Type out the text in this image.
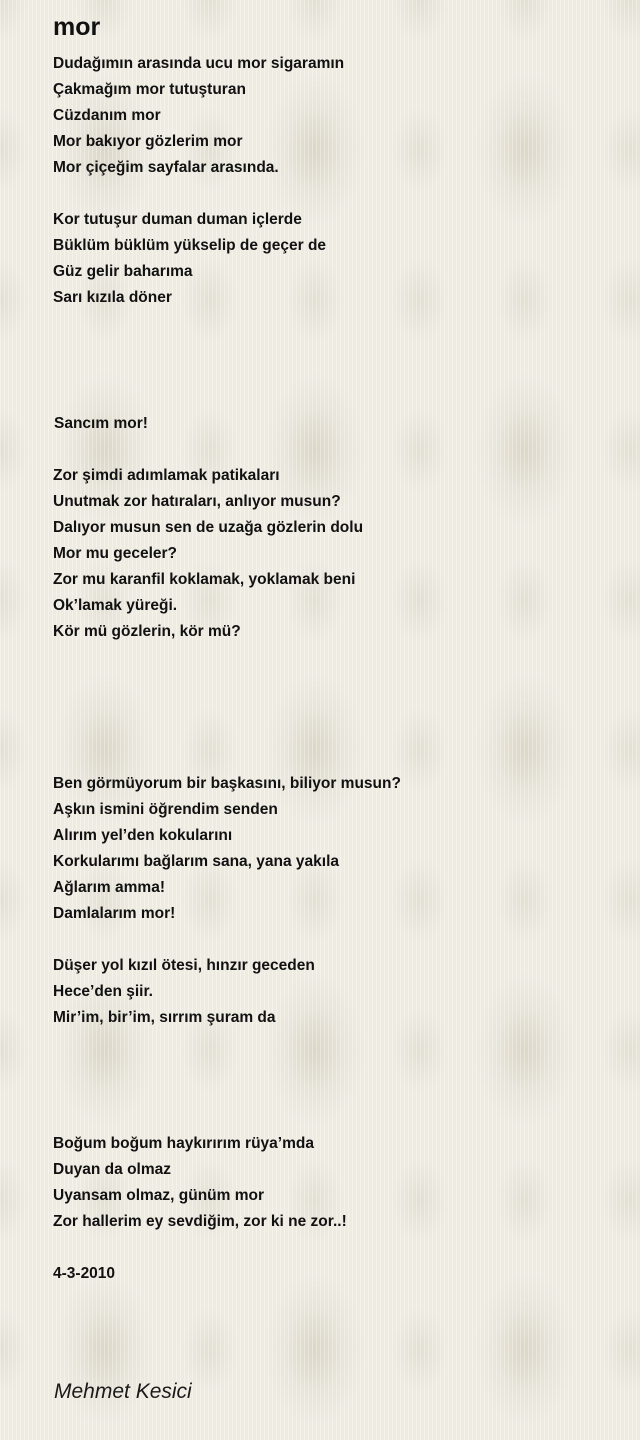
mor

Dudağımın arasında ucu mor sigaramın

Çakmağım mor tutuşturan

Cüzdanım mor

Mor bakıyor gözlerim mor

Mor çiçeğim sayfalar arasında.

Kor tutuşur duman duman içlerde

Büklüm büklüm yükselip de geçer de

Güz gelir baharıma

Sarı kızıla döner

Sancım mor!

Zor şimdi adımlamak patikaları

Unutmak zor hatıraları, anlıyor musun?

Dalıyor musun sen de uzağa gözlerin dolu

Mor mu geceler?

Zor mu karanfil koklamak, yoklamak beni

Ok’lamak yüreği.

Kör mü gözlerin, kör mü?

Ben görmüyorum bir başkasını, biliyor musun?

Aşkın ismini öğrendim senden

Alırım yel’den kokularını

Korkularımı bağlarım sana, yana yakıla

Ağlarım amma!

Damlalarım mor!

Düşer yol kızıl ötesi, hınzır geceden

Hece’den şiir.

Mir’im, bir’im, sırrım şuram da

Boğum boğum haykırırım rüya’mda

Duyan da olmaz

Uyansam olmaz, günüm mor

Zor hallerim ey sevdiğim, zor ki ne zor..!

4-3-2010

Mehmet Kesici
